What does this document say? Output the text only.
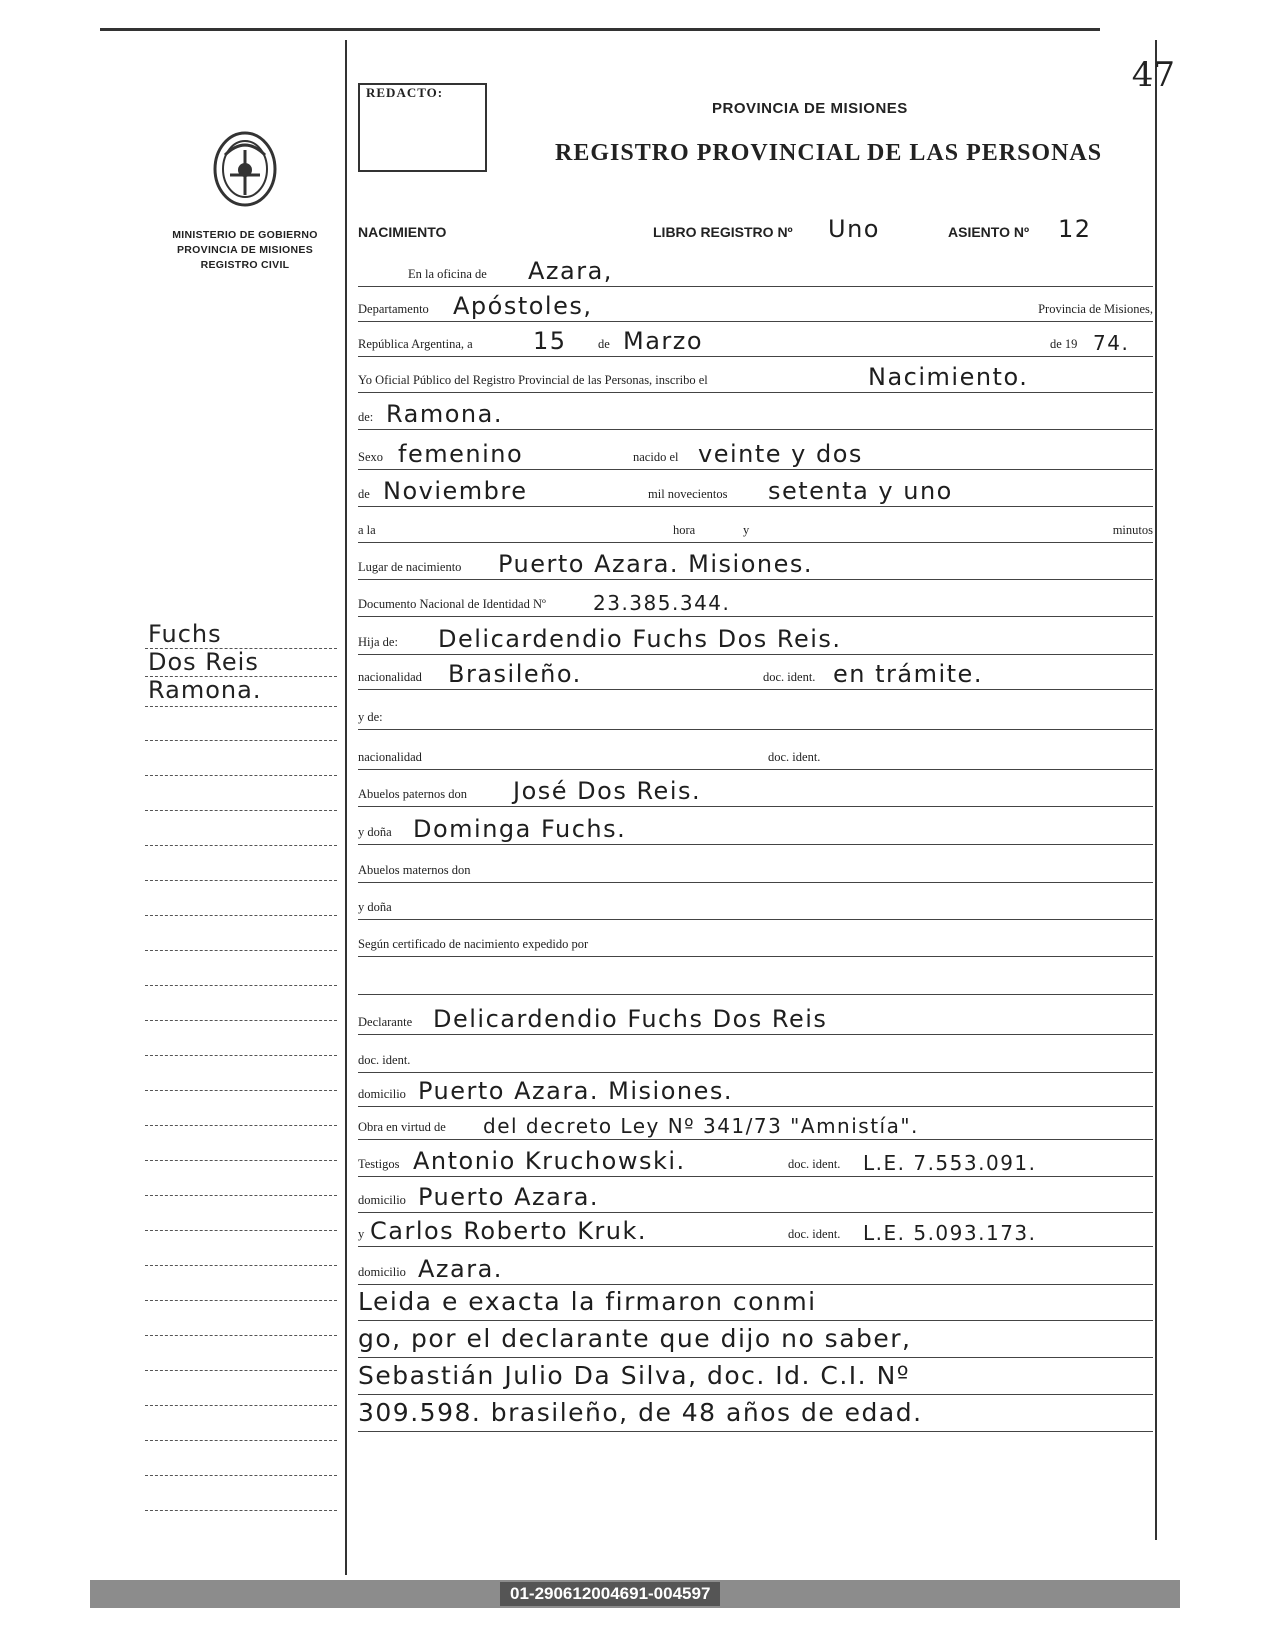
47
REDACTO:
PROVINCIA DE MISIONES
REGISTRO PROVINCIAL DE LAS PERSONAS
MINISTERIO DE GOBIERNO
PROVINCIA DE MISIONES
REGISTRO CIVIL
Fuchs
Dos Reis
Ramona.
NACIMIENTO	LIBRO REGISTRO Nº Uno	ASIENTO Nº 12
En la oficina de Azara,
Departamento Apóstoles,	Provincia de Misiones,
República Argentina, a	15	de Marzo	de 19 74.
Yo Oficial Público del Registro Provincial de las Personas, inscribo el	Nacimiento.
de: Ramona.
Sexo femenino	nacido el veinte y dos
de Noviembre	mil novecientos setenta y uno
a la	hora	y	minutos
Lugar de nacimiento Puerto Azara. Misiones.
Documento Nacional de Identidad Nº 23.385.344.
Hija de: Delicardendio Fuchs Dos Reis.
nacionalidad Brasileño.	doc. ident. en trámite.
y de:
nacionalidad	doc. ident.
Abuelos paternos don José Dos Reis.
y doña Dominga Fuchs.
Abuelos maternos don
y doña
Según certificado de nacimiento expedido por
Declarante Delicardendio Fuchs Dos Reis
doc. ident.
domicilio Puerto Azara. Misiones.
Obra en virtud de del decreto Ley Nº 341/73 "Amnistía".
Testigos Antonio Kruchowski.	doc. ident. L.E. 7.553.091.
domicilio Puerto Azara.
y Carlos Roberto Kruk.	doc. ident. L.E. 5.093.173.
domicilio Azara.
Leida e exacta la firmaron conmi
go, por el declarante que dijo no saber,
Sebastián Julio Da Silva, doc. Id. C.I. Nº
309.598. brasileño, de 48 años de edad.
01-290612004691-004597
